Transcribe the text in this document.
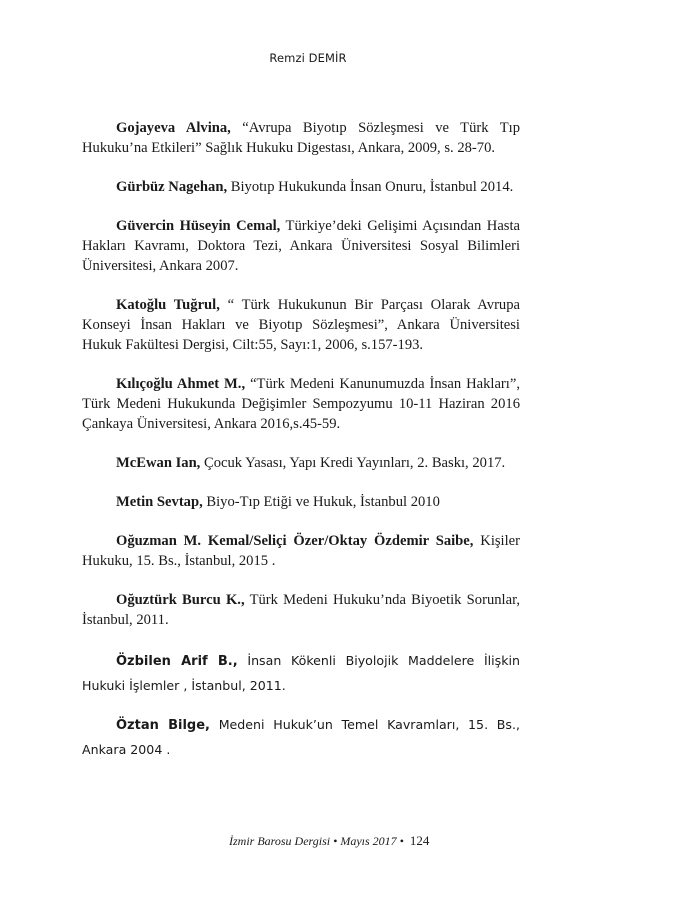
Remzi DEMİR

Gojayeva Alvina, “Avrupa Biyotıp Sözleşmesi ve Türk Tıp Hukuku’na Etkileri” Sağlık Hukuku Digestası, Ankara, 2009, s. 28-70.

Gürbüz Nagehan, Biyotıp Hukukunda İnsan Onuru, İstanbul 2014.

Güvercin Hüseyin Cemal, Türkiye’deki Gelişimi Açısından Hasta Hakları Kavramı, Doktora Tezi, Ankara Üniversitesi Sosyal Bilimleri Üniversitesi, Ankara 2007.

Katoğlu Tuğrul, “ Türk Hukukunun Bir Parçası Olarak Avrupa Konseyi İnsan Hakları ve Biyotıp Sözleşmesi”, Ankara Üniversitesi Hukuk Fakültesi Dergisi, Cilt:55, Sayı:1, 2006, s.157-193.

Kılıçoğlu Ahmet M., “Türk Medeni Kanunumuzda İnsan Hakları”, Türk Medeni Hukukunda Değişimler Sempozyumu 10-11 Haziran 2016 Çankaya Üniversitesi, Ankara 2016,s.45-59.

McEwan Ian, Çocuk Yasası, Yapı Kredi Yayınları, 2. Baskı, 2017.

Metin Sevtap, Biyo-Tıp Etiği ve Hukuk, İstanbul 2010

Oğuzman M. Kemal/Seliçi Özer/Oktay Özdemir Saibe, Kişiler Hukuku, 15. Bs., İstanbul, 2015 .

Oğuztürk Burcu K., Türk Medeni Hukuku’nda Biyoetik Sorunlar, İstanbul, 2011.

Özbilen Arif B., İnsan Kökenli Biyolojik Maddelere İlişkin Hukuki İşlemler , İstanbul, 2011.

Öztan Bilge, Medeni Hukuk’un Temel Kavramları, 15. Bs., Ankara 2004 .

İzmir Barosu Dergisi • Mayıs 2017 • 124
